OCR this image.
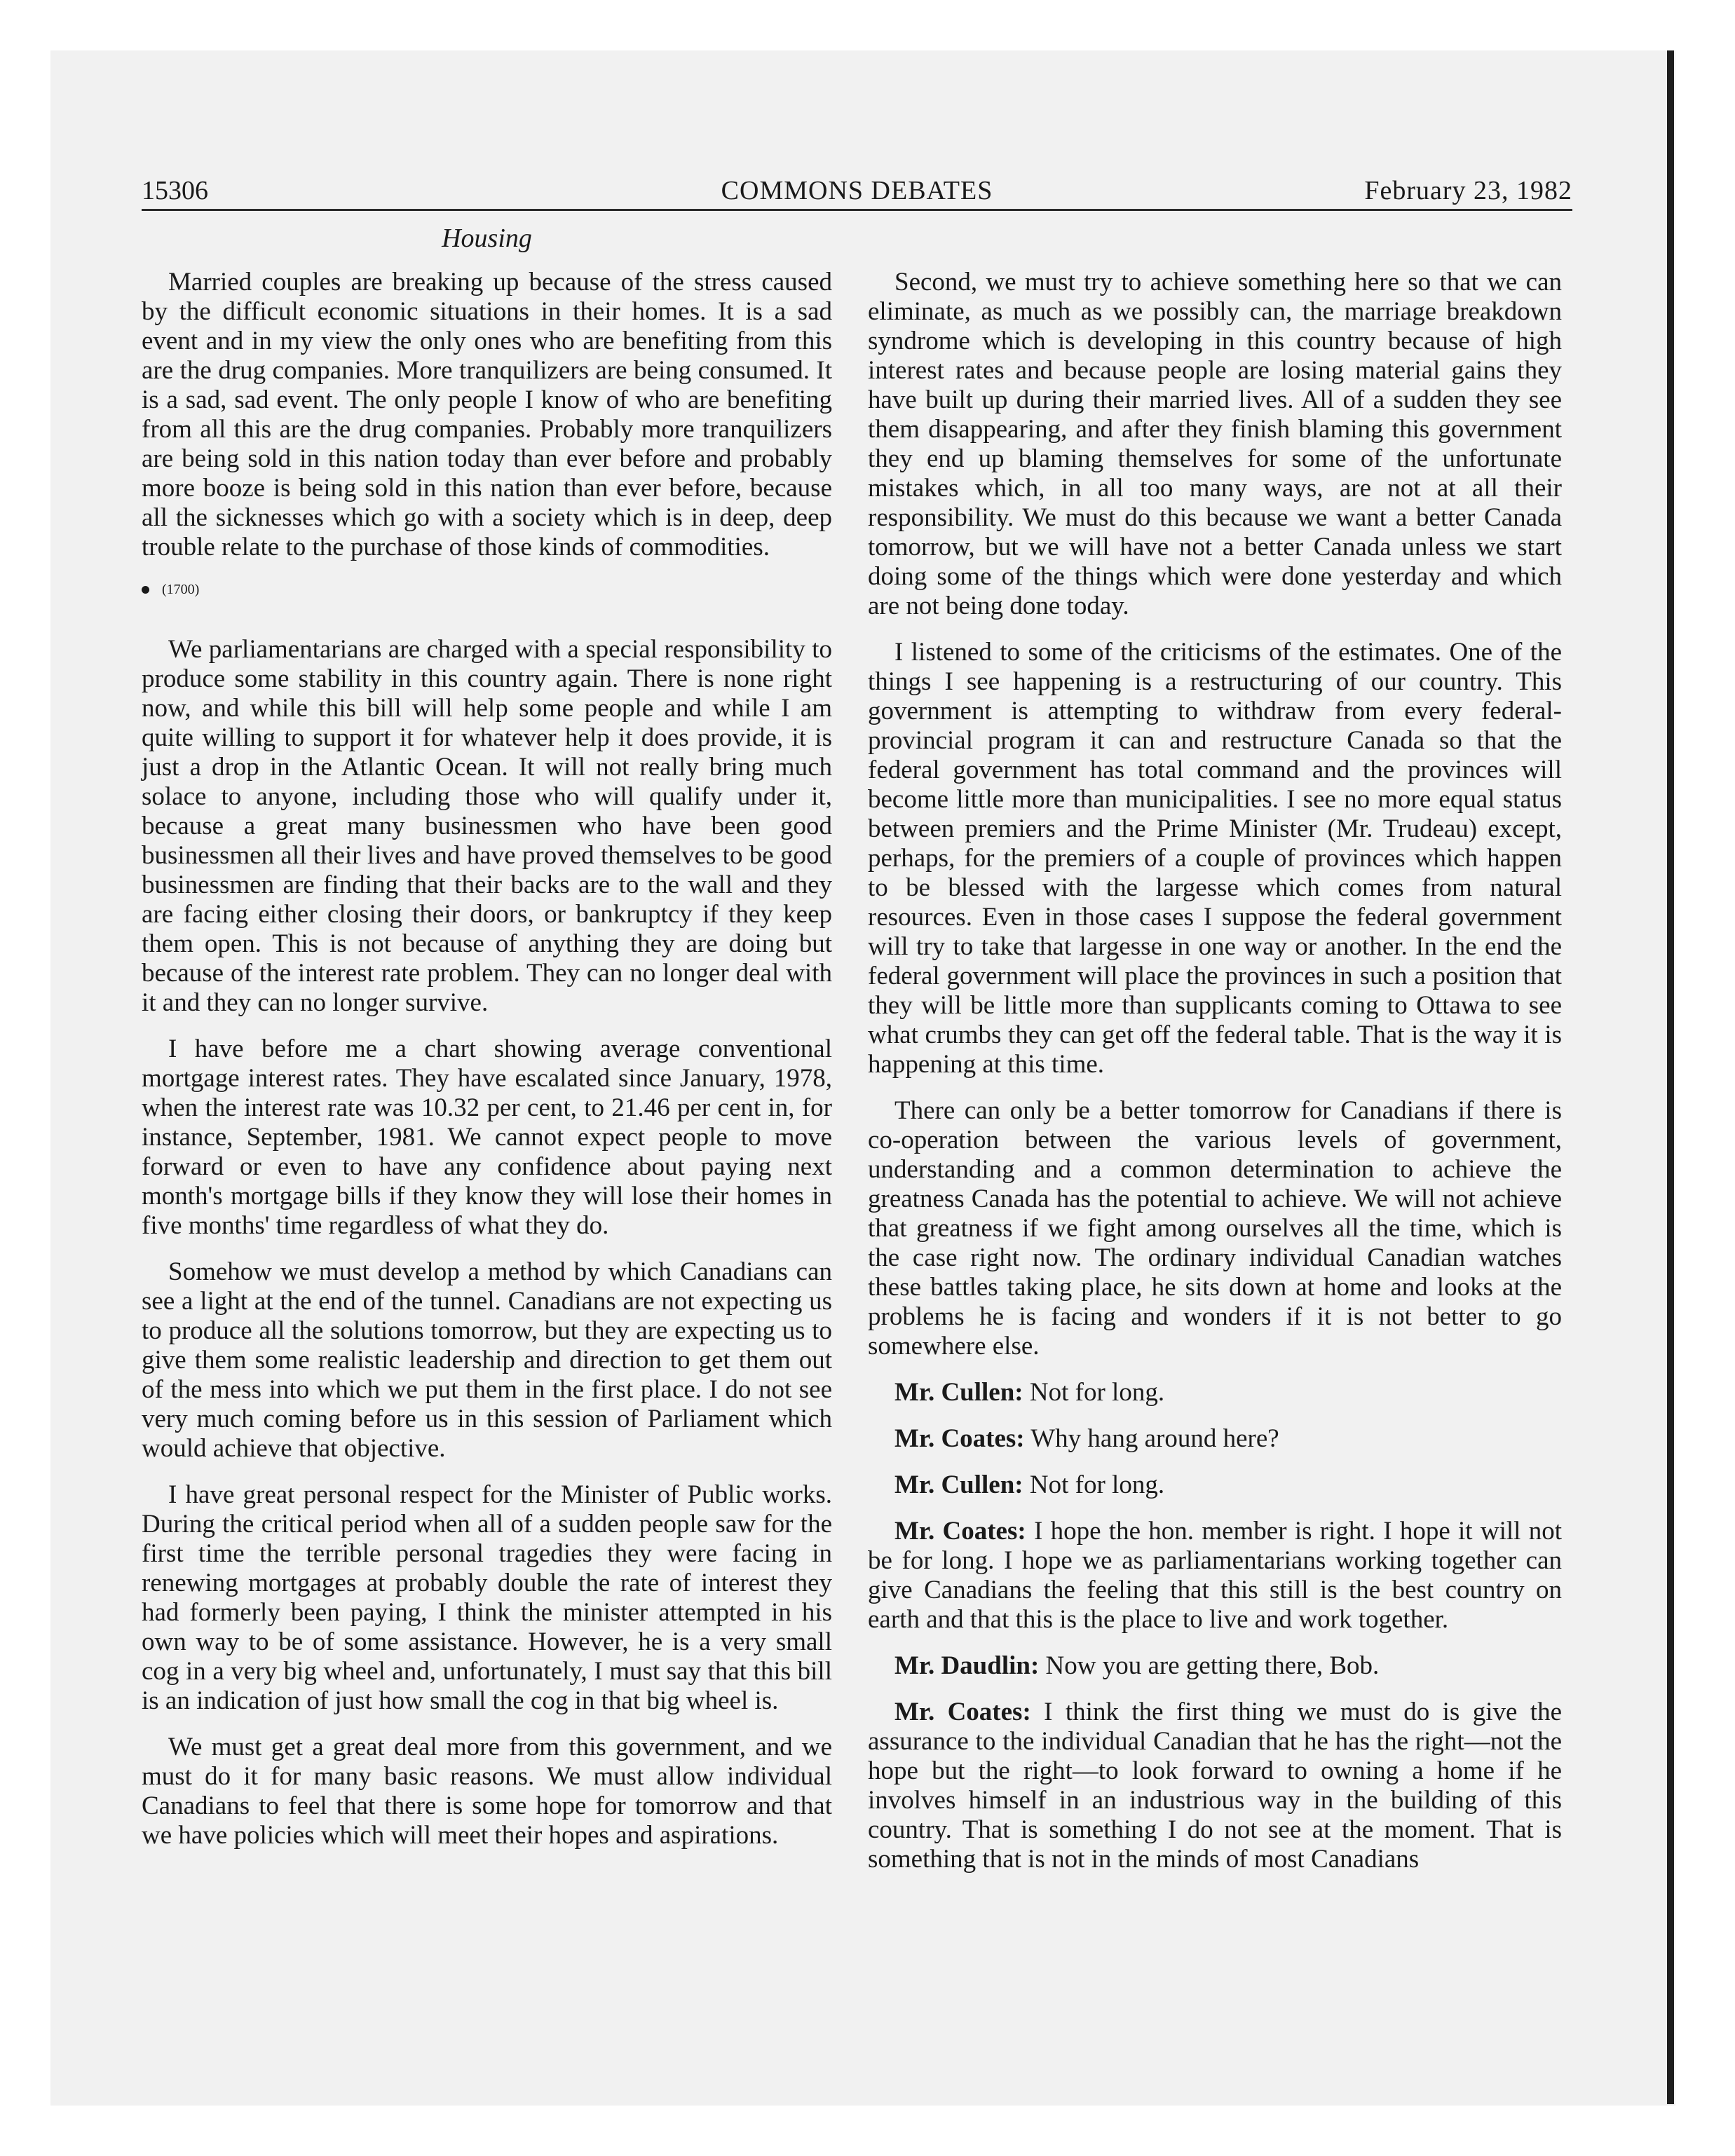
15306	COMMONS DEBATES	February 23, 1982
Housing

Married couples are breaking up because of the stress caused by the difficult economic situations in their homes. It is a sad event and in my view the only ones who are benefiting from this are the drug companies. More tranquilizers are being consumed. It is a sad, sad event. The only people I know of who are benefiting from all this are the drug companies. Probably more tranquilizers are being sold in this nation today than ever before and probably more booze is being sold in this nation than ever before, because all the sicknesses which go with a society which is in deep, deep trouble relate to the purchase of those kinds of commodities.

(1700)

We parliamentarians are charged with a special responsibility to produce some stability in this country again. There is none right now, and while this bill will help some people and while I am quite willing to support it for whatever help it does provide, it is just a drop in the Atlantic Ocean. It will not really bring much solace to anyone, including those who will qualify under it, because a great many businessmen who have been good businessmen all their lives and have proved themselves to be good businessmen are finding that their backs are to the wall and they are facing either closing their doors, or bankruptcy if they keep them open. This is not because of anything they are doing but because of the interest rate problem. They can no longer deal with it and they can no longer survive.

I have before me a chart showing average conventional mortgage interest rates. They have escalated since January, 1978, when the interest rate was 10.32 per cent, to 21.46 per cent in, for instance, September, 1981. We cannot expect people to move forward or even to have any confidence about paying next month's mortgage bills if they know they will lose their homes in five months' time regardless of what they do.

Somehow we must develop a method by which Canadians can see a light at the end of the tunnel. Canadians are not expecting us to produce all the solutions tomorrow, but they are expecting us to give them some realistic leadership and direction to get them out of the mess into which we put them in the first place. I do not see very much coming before us in this session of Parliament which would achieve that objective.

I have great personal respect for the Minister of Public works. During the critical period when all of a sudden people saw for the first time the terrible personal tragedies they were facing in renewing mortgages at probably double the rate of interest they had formerly been paying, I think the minister attempted in his own way to be of some assistance. However, he is a very small cog in a very big wheel and, unfortunately, I must say that this bill is an indication of just how small the cog in that big wheel is.

We must get a great deal more from this government, and we must do it for many basic reasons. We must allow individual Canadians to feel that there is some hope for tomorrow and that we have policies which will meet their hopes and aspirations.

Second, we must try to achieve something here so that we can eliminate, as much as we possibly can, the marriage breakdown syndrome which is developing in this country because of high interest rates and because people are losing material gains they have built up during their married lives. All of a sudden they see them disappearing, and after they finish blaming this government they end up blaming themselves for some of the unfortunate mistakes which, in all too many ways, are not at all their responsibility. We must do this because we want a better Canada tomorrow, but we will have not a better Canada unless we start doing some of the things which were done yesterday and which are not being done today.

I listened to some of the criticisms of the estimates. One of the things I see happening is a restructuring of our country. This government is attempting to withdraw from every federal-provincial program it can and restructure Canada so that the federal government has total command and the provinces will become little more than municipalities. I see no more equal status between premiers and the Prime Minister (Mr. Trudeau) except, perhaps, for the premiers of a couple of provinces which happen to be blessed with the largesse which comes from natural resources. Even in those cases I suppose the federal government will try to take that largesse in one way or another. In the end the federal government will place the provinces in such a position that they will be little more than supplicants coming to Ottawa to see what crumbs they can get off the federal table. That is the way it is happening at this time.

There can only be a better tomorrow for Canadians if there is co-operation between the various levels of government, understanding and a common determination to achieve the greatness Canada has the potential to achieve. We will not achieve that greatness if we fight among ourselves all the time, which is the case right now. The ordinary individual Canadian watches these battles taking place, he sits down at home and looks at the problems he is facing and wonders if it is not better to go somewhere else.

Mr. Cullen: Not for long.

Mr. Coates: Why hang around here?

Mr. Cullen: Not for long.

Mr. Coates: I hope the hon. member is right. I hope it will not be for long. I hope we as parliamentarians working together can give Canadians the feeling that this still is the best country on earth and that this is the place to live and work together.

Mr. Daudlin: Now you are getting there, Bob.

Mr. Coates: I think the first thing we must do is give the assurance to the individual Canadian that he has the right—not the hope but the right—to look forward to owning a home if he involves himself in an industrious way in the building of this country. That is something I do not see at the moment. That is something that is not in the minds of most Canadians
